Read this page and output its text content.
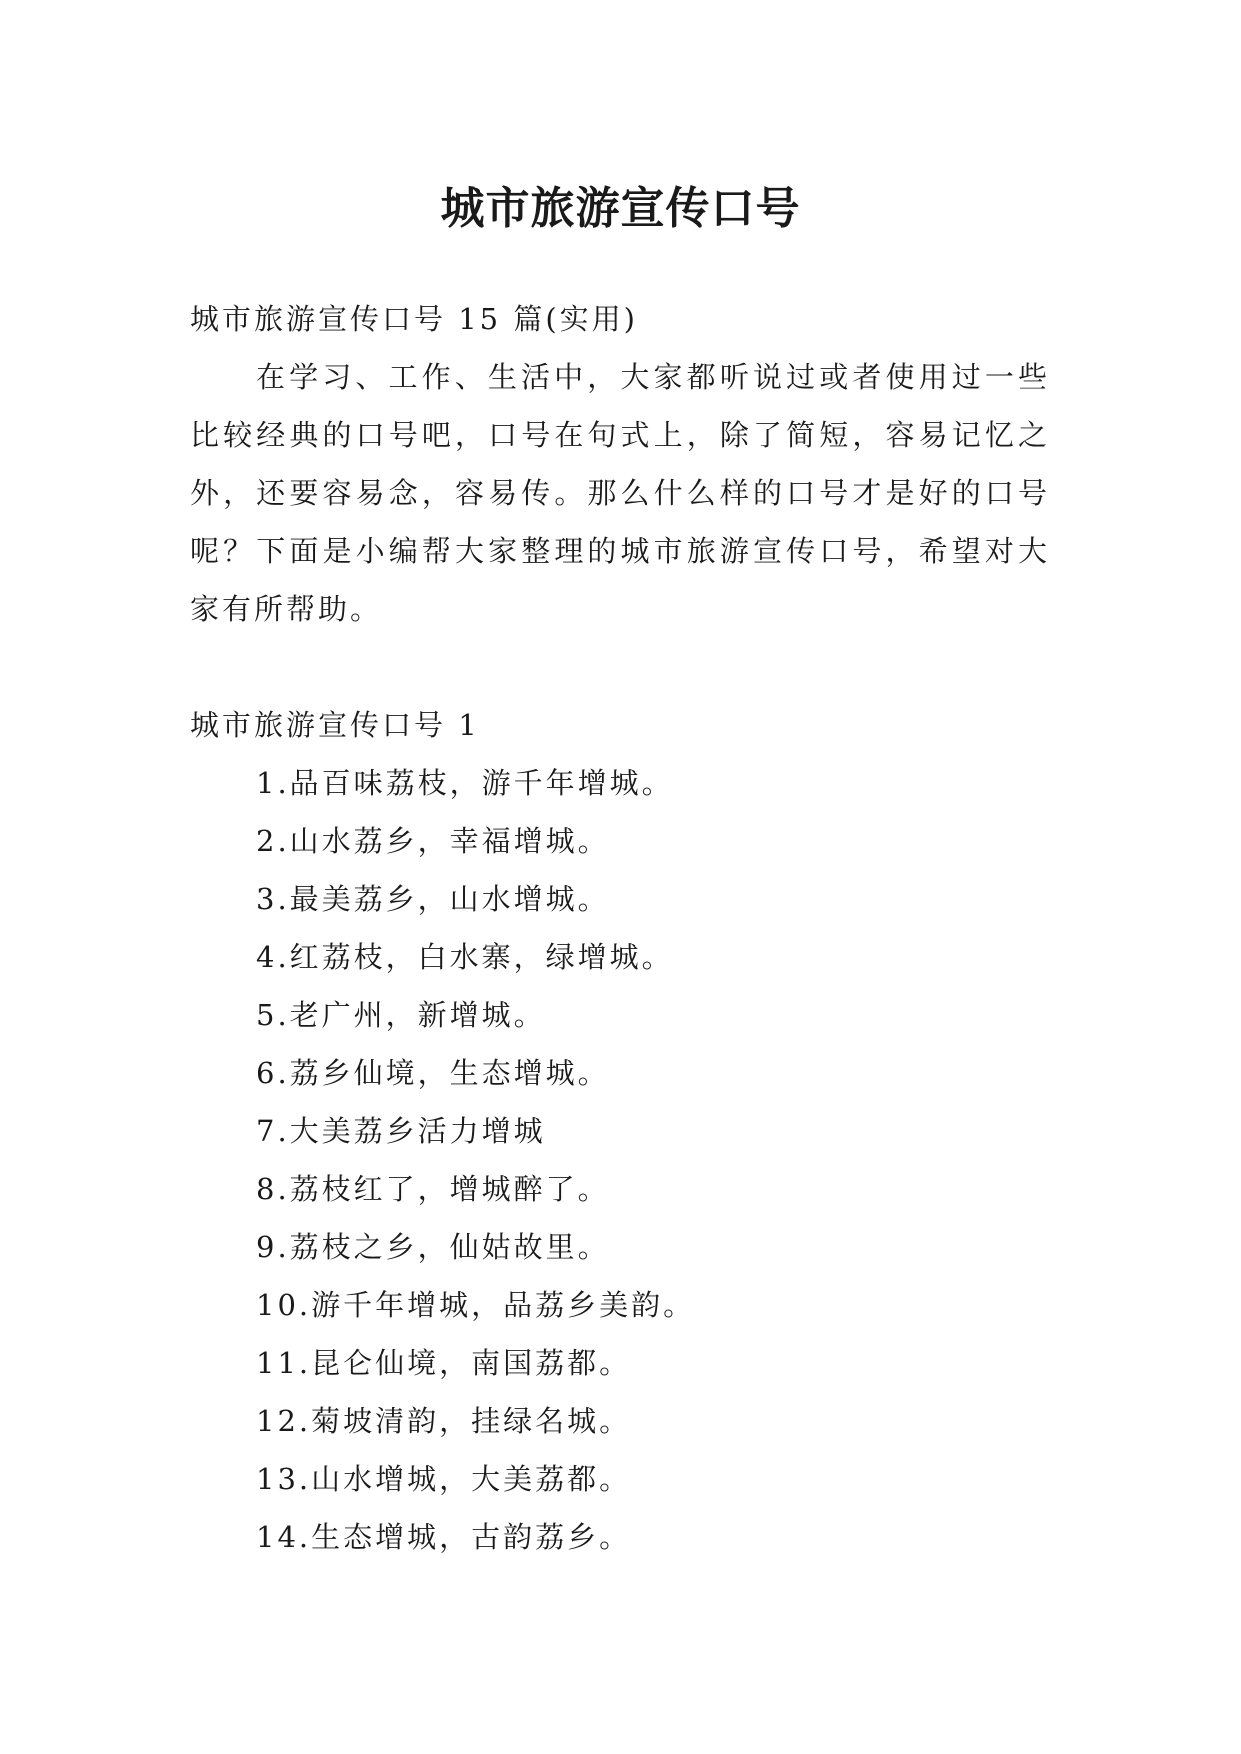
城市旅游宣传口号

城市旅游宣传口号 15 篇(实用)

在学习、工作、生活中，大家都听说过或者使用过一些比较经典的口号吧，口号在句式上，除了简短，容易记忆之外，还要容易念，容易传。那么什么样的口号才是好的口号呢？下面是小编帮大家整理的城市旅游宣传口号，希望对大家有所帮助。

城市旅游宣传口号 1

1.品百味荔枝，游千年增城。
2.山水荔乡，幸福增城。
3.最美荔乡，山水增城。
4.红荔枝，白水寨，绿增城。
5.老广州，新增城。
6.荔乡仙境，生态增城。
7.大美荔乡活力增城
8.荔枝红了，增城醉了。
9.荔枝之乡，仙姑故里。
10.游千年增城，品荔乡美韵。
11.昆仑仙境，南国荔都。
12.菊坡清韵，挂绿名城。
13.山水增城，大美荔都。
14.生态增城，古韵荔乡。
